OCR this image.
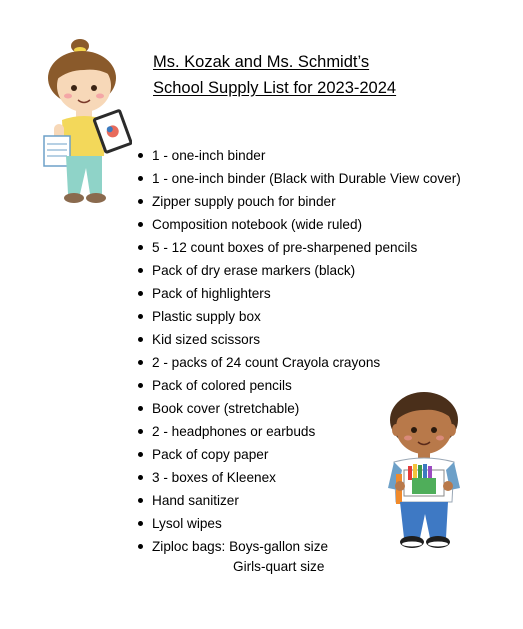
Ms. Kozak and Ms. Schmidt’s
School Supply List for 2023-2024
1 - one-inch binder
1 - one-inch binder (Black with Durable View cover)
Zipper supply pouch for binder
Composition notebook (wide ruled)
5 - 12 count boxes of pre-sharpened pencils
Pack of dry erase markers (black)
Pack of highlighters
Plastic supply box
Kid sized scissors
2 - packs of 24 count Crayola crayons
Pack of colored pencils
Book cover (stretchable)
2 - headphones or earbuds
Pack of copy paper
3 - boxes of Kleenex
Hand sanitizer
Lysol wipes
Ziploc bags: Boys-gallon size
Girls-quart size
